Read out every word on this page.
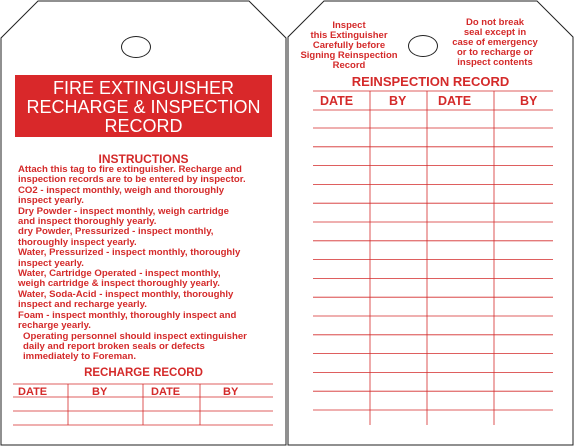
FIRE EXTINGUISHER
RECHARGE & INSPECTION
RECORD
INSTRUCTIONS
Attach this tag to fire extinguisher. Recharge and
inspection records are to be entered by inspector.
CO2 - inspect monthly, weigh and thoroughly
inspect yearly.
Dry Powder - inspect monthly, weigh cartridge
and inspect thoroughly yearly.
dry Powder, Pressurized - inspect monthly,
thoroughly inspect yearly.
Water, Pressurized - inspect monthly, thoroughly
inspect yearly.
Water, Cartridge Operated - inspect monthly,
weigh cartridge & inspect thoroughly yearly.
Water, Soda-Acid - inspect monthly, thoroughly
inspect and recharge yearly.
Foam - inspect monthly, thoroughly inspect and
recharge yearly.
Operating personnel should inspect extinguisher
daily and report broken seals or defects
immediately to Foreman.
RECHARGE RECORD
DATE	BY	DATE	BY
Inspect
this Extinguisher
Carefully before
Signing Reinspection
Record
Do not break
seal except in
case of emergency
or to recharge or
inspect contents
REINSPECTION RECORD
DATE	BY	DATE	BY
